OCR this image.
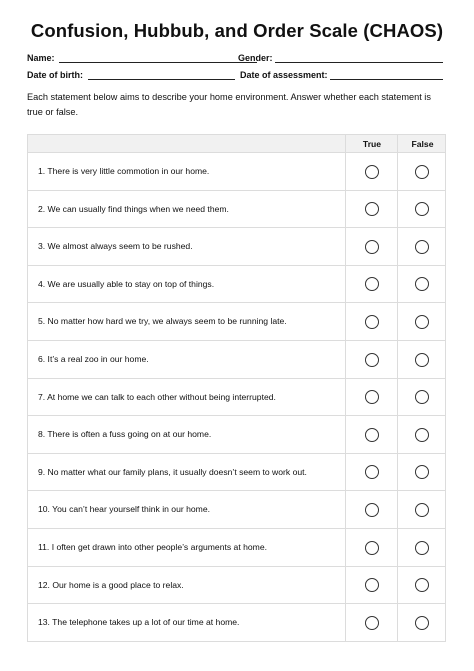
Confusion, Hubbub, and Order Scale (CHAOS)
Name:	Gender:
Date of birth:	Date of assessment:
Each statement below aims to describe your home environment. Answer whether each statement is true or false.
True	False
1. There is very little commotion in our home.
2. We can usually find things when we need them.
3. We almost always seem to be rushed.
4. We are usually able to stay on top of things.
5. No matter how hard we try, we always seem to be running late.
6. It’s a real zoo in our home.
7. At home we can talk to each other without being interrupted.
8. There is often a fuss going on at our home.
9. No matter what our family plans, it usually doesn’t seem to work out.
10. You can’t hear yourself think in our home.
11. I often get drawn into other people’s arguments at home.
12. Our home is a good place to relax.
13. The telephone takes up a lot of our time at home.
